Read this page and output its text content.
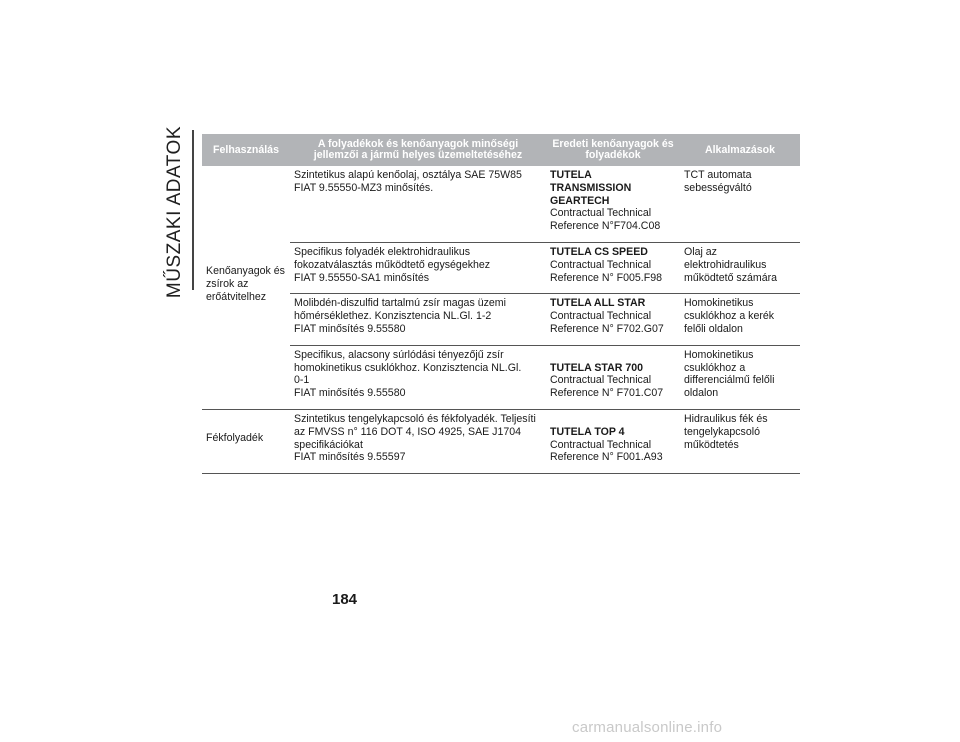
MŰSZAKI ADATOK	Felhasználás	A folyadékok és kenőanyagok minőségi jellemzői a jármű helyes üzemeltetéséhez	Eredeti kenőanyagok és folyadékok	Alkalmazások
Kenőanyagok és zsírok az erőátvitelhez	Szintetikus alapú kenőolaj, osztálya SAE 75W85
FIAT 9.55550-MZ3 minősítés.	TUTELA
TRANSMISSION
GEARTECH
Contractual Technical
Reference N°F704.C08	TCT automata
sebességváltó

	Specifikus folyadék elektrohidraulikus
fokozatválasztás működtető egységekhez
FIAT 9.55550-SA1 minősítés	TUTELA CS SPEED
Contractual Technical
Reference N° F005.F98	Olaj az
elektrohidraulikus
működtető számára

	Molibdén-diszulfid tartalmú zsír magas üzemi
hőmérséklethez. Konzisztencia NL.Gl. 1-2
FIAT minősítés 9.55580	TUTELA ALL STAR
Contractual Technical
Reference N° F702.G07	Homokinetikus
csuklókhoz a kerék
felőli oldalon

	Specifikus, alacsony súrlódási tényezőjű zsír
homokinetikus csuklókhoz. Konzisztencia NL.Gl.
0-1
FIAT minősítés 9.55580	TUTELA STAR 700
Contractual Technical
Reference N° F701.C07	Homokinetikus
csuklókhoz a
differenciálmű felőli
oldalon

Fékfolyadék	Szintetikus tengelykapcsoló és fékfolyadék. Teljesíti
az FMVSS n° 116 DOT 4, ISO 4925, SAE J1704
specifikációkat
FIAT minősítés 9.55597	TUTELA TOP 4
Contractual Technical
Reference N° F001.A93	Hidraulikus fék és
tengelykapcsoló
működtetés
184
carmanualsonline.info
